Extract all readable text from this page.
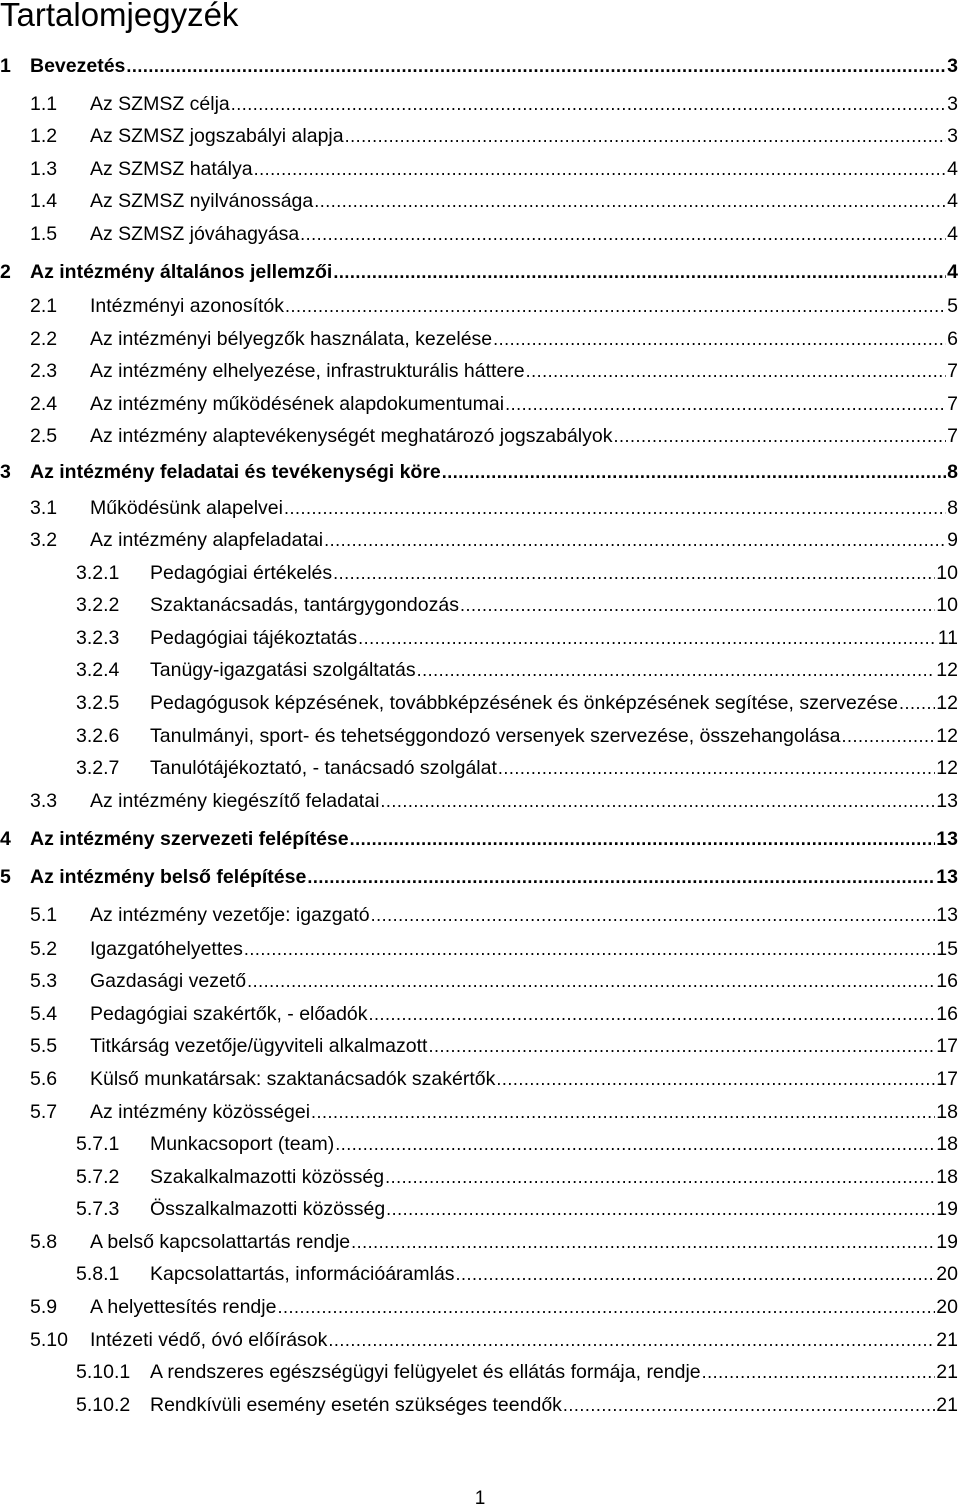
Tartalomjegyzék
1 Bevezetés .....	3
1.1	Az SZMSZ célja .....	3
1.2	Az SZMSZ jogszabályi alapja .....	3
1.3	Az SZMSZ hatálya .....	4
1.4	Az SZMSZ nyilvánossága .....	4
1.5	Az SZMSZ jóváhagyása .....	4
2 Az intézmény általános jellemzői .....	4
2.1	Intézményi azonosítók .....	5
2.2	Az intézményi bélyegzők használata, kezelése .....	6
2.3	Az intézmény elhelyezése, infrastrukturális háttere .....	7
2.4	Az intézmény működésének alapdokumentumai .....	7
2.5	Az intézmény alaptevékenységét meghatározó jogszabályok .....	7
3 Az intézmény feladatai és tevékenységi köre .....	8
3.1	Működésünk alapelvei .....	8
3.2	Az intézmény alapfeladatai .....	9
3.2.1	Pedagógiai értékelés .....	10
3.2.2	Szaktanácsadás, tantárgygondozás .....	10
3.2.3	Pedagógiai tájékoztatás .....	11
3.2.4	Tanügy-igazgatási szolgáltatás .....	12
3.2.5	Pedagógusok képzésének, továbbképzésének és önképzésének segítése, szervezése ..... 12
3.2.6	Tanulmányi, sport- és tehetséggondozó versenyek szervezése, összehangolása .....	12
3.2.7	Tanulótájékoztató, - tanácsadó szolgálat .....	12
3.3	Az intézmény kiegészítő feladatai .....	13
4 Az intézmény szervezeti felépítése .....	13
5 Az intézmény belső felépítése .....	13
5.1	Az intézmény vezetője: igazgató .....	13
5.2	Igazgatóhelyettes .....	15
5.3	Gazdasági vezető .....	16
5.4	Pedagógiai szakértők, - előadók .....	16
5.5	Titkárság vezetője/ügyviteli alkalmazott .....	17
5.6	Külső munkatársak: szaktanácsadók szakértők .....	17
5.7	Az intézmény közösségei .....	18
5.7.1	Munkacsoport (team) .....	18
5.7.2	Szakalkalmazotti közösség .....	18
5.7.3	Összalkalmazotti közösség .....	19
5.8	A belső kapcsolattartás rendje .....	19
5.8.1	Kapcsolattartás, információáramlás .....	20
5.9	A helyettesítés rendje .....	20
5.10	Intézeti védő, óvó előírások .....	21
5.10.1	A rendszeres egészségügyi felügyelet és ellátás formája, rendje .....	21
5.10.2	Rendkívüli esemény esetén szükséges teendők .....	21
1
